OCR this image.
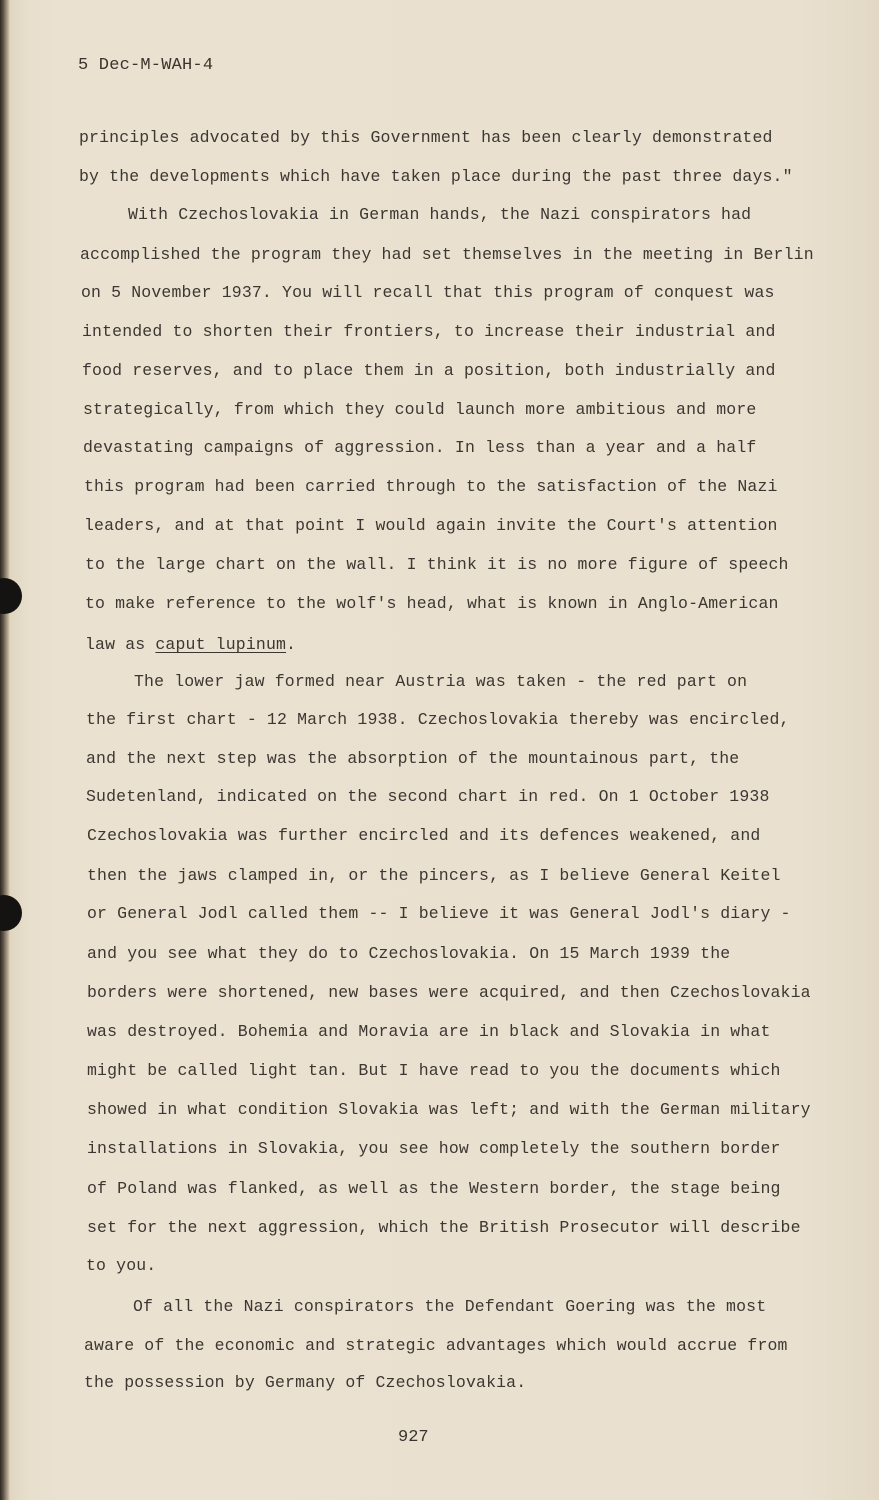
5 Dec-M-WAH-4
principles advocated by this Government has been clearly demonstrated
by the developments which have taken place during the past three days."
With Czechoslovakia in German hands, the Nazi conspirators had
accomplished the program they had set themselves in the meeting in Berlin
on 5 November 1937. You will recall that this program of conquest was
intended to shorten their frontiers, to increase their industrial and
food reserves, and to place them in a position, both industrially and
strategically, from which they could launch more ambitious and more
devastating campaigns of aggression. In less than a year and a half
this program had been carried through to the satisfaction of the Nazi
leaders, and at that point I would again invite the Court's attention
to the large chart on the wall. I think it is no more figure of speech
to make reference to the wolf's head, what is known in Anglo-American
law as caput lupinum.
The lower jaw formed near Austria was taken - the red part on
the first chart - 12 March 1938. Czechoslovakia thereby was encircled,
and the next step was the absorption of the mountainous part, the
Sudetenland, indicated on the second chart in red. On 1 October 1938
Czechoslovakia was further encircled and its defences weakened, and
then the jaws clamped in, or the pincers, as I believe General Keitel
or General Jodl called them -- I believe it was General Jodl's diary -
and you see what they do to Czechoslovakia. On 15 March 1939 the
borders were shortened, new bases were acquired, and then Czechoslovakia
was destroyed. Bohemia and Moravia are in black and Slovakia in what
might be called light tan. But I have read to you the documents which
showed in what condition Slovakia was left; and with the German military
installations in Slovakia, you see how completely the southern border
of Poland was flanked, as well as the Western border, the stage being
set for the next aggression, which the British Prosecutor will describe
to you.
Of all the Nazi conspirators the Defendant Goering was the most
aware of the economic and strategic advantages which would accrue from
the possession by Germany of Czechoslovakia.
927
